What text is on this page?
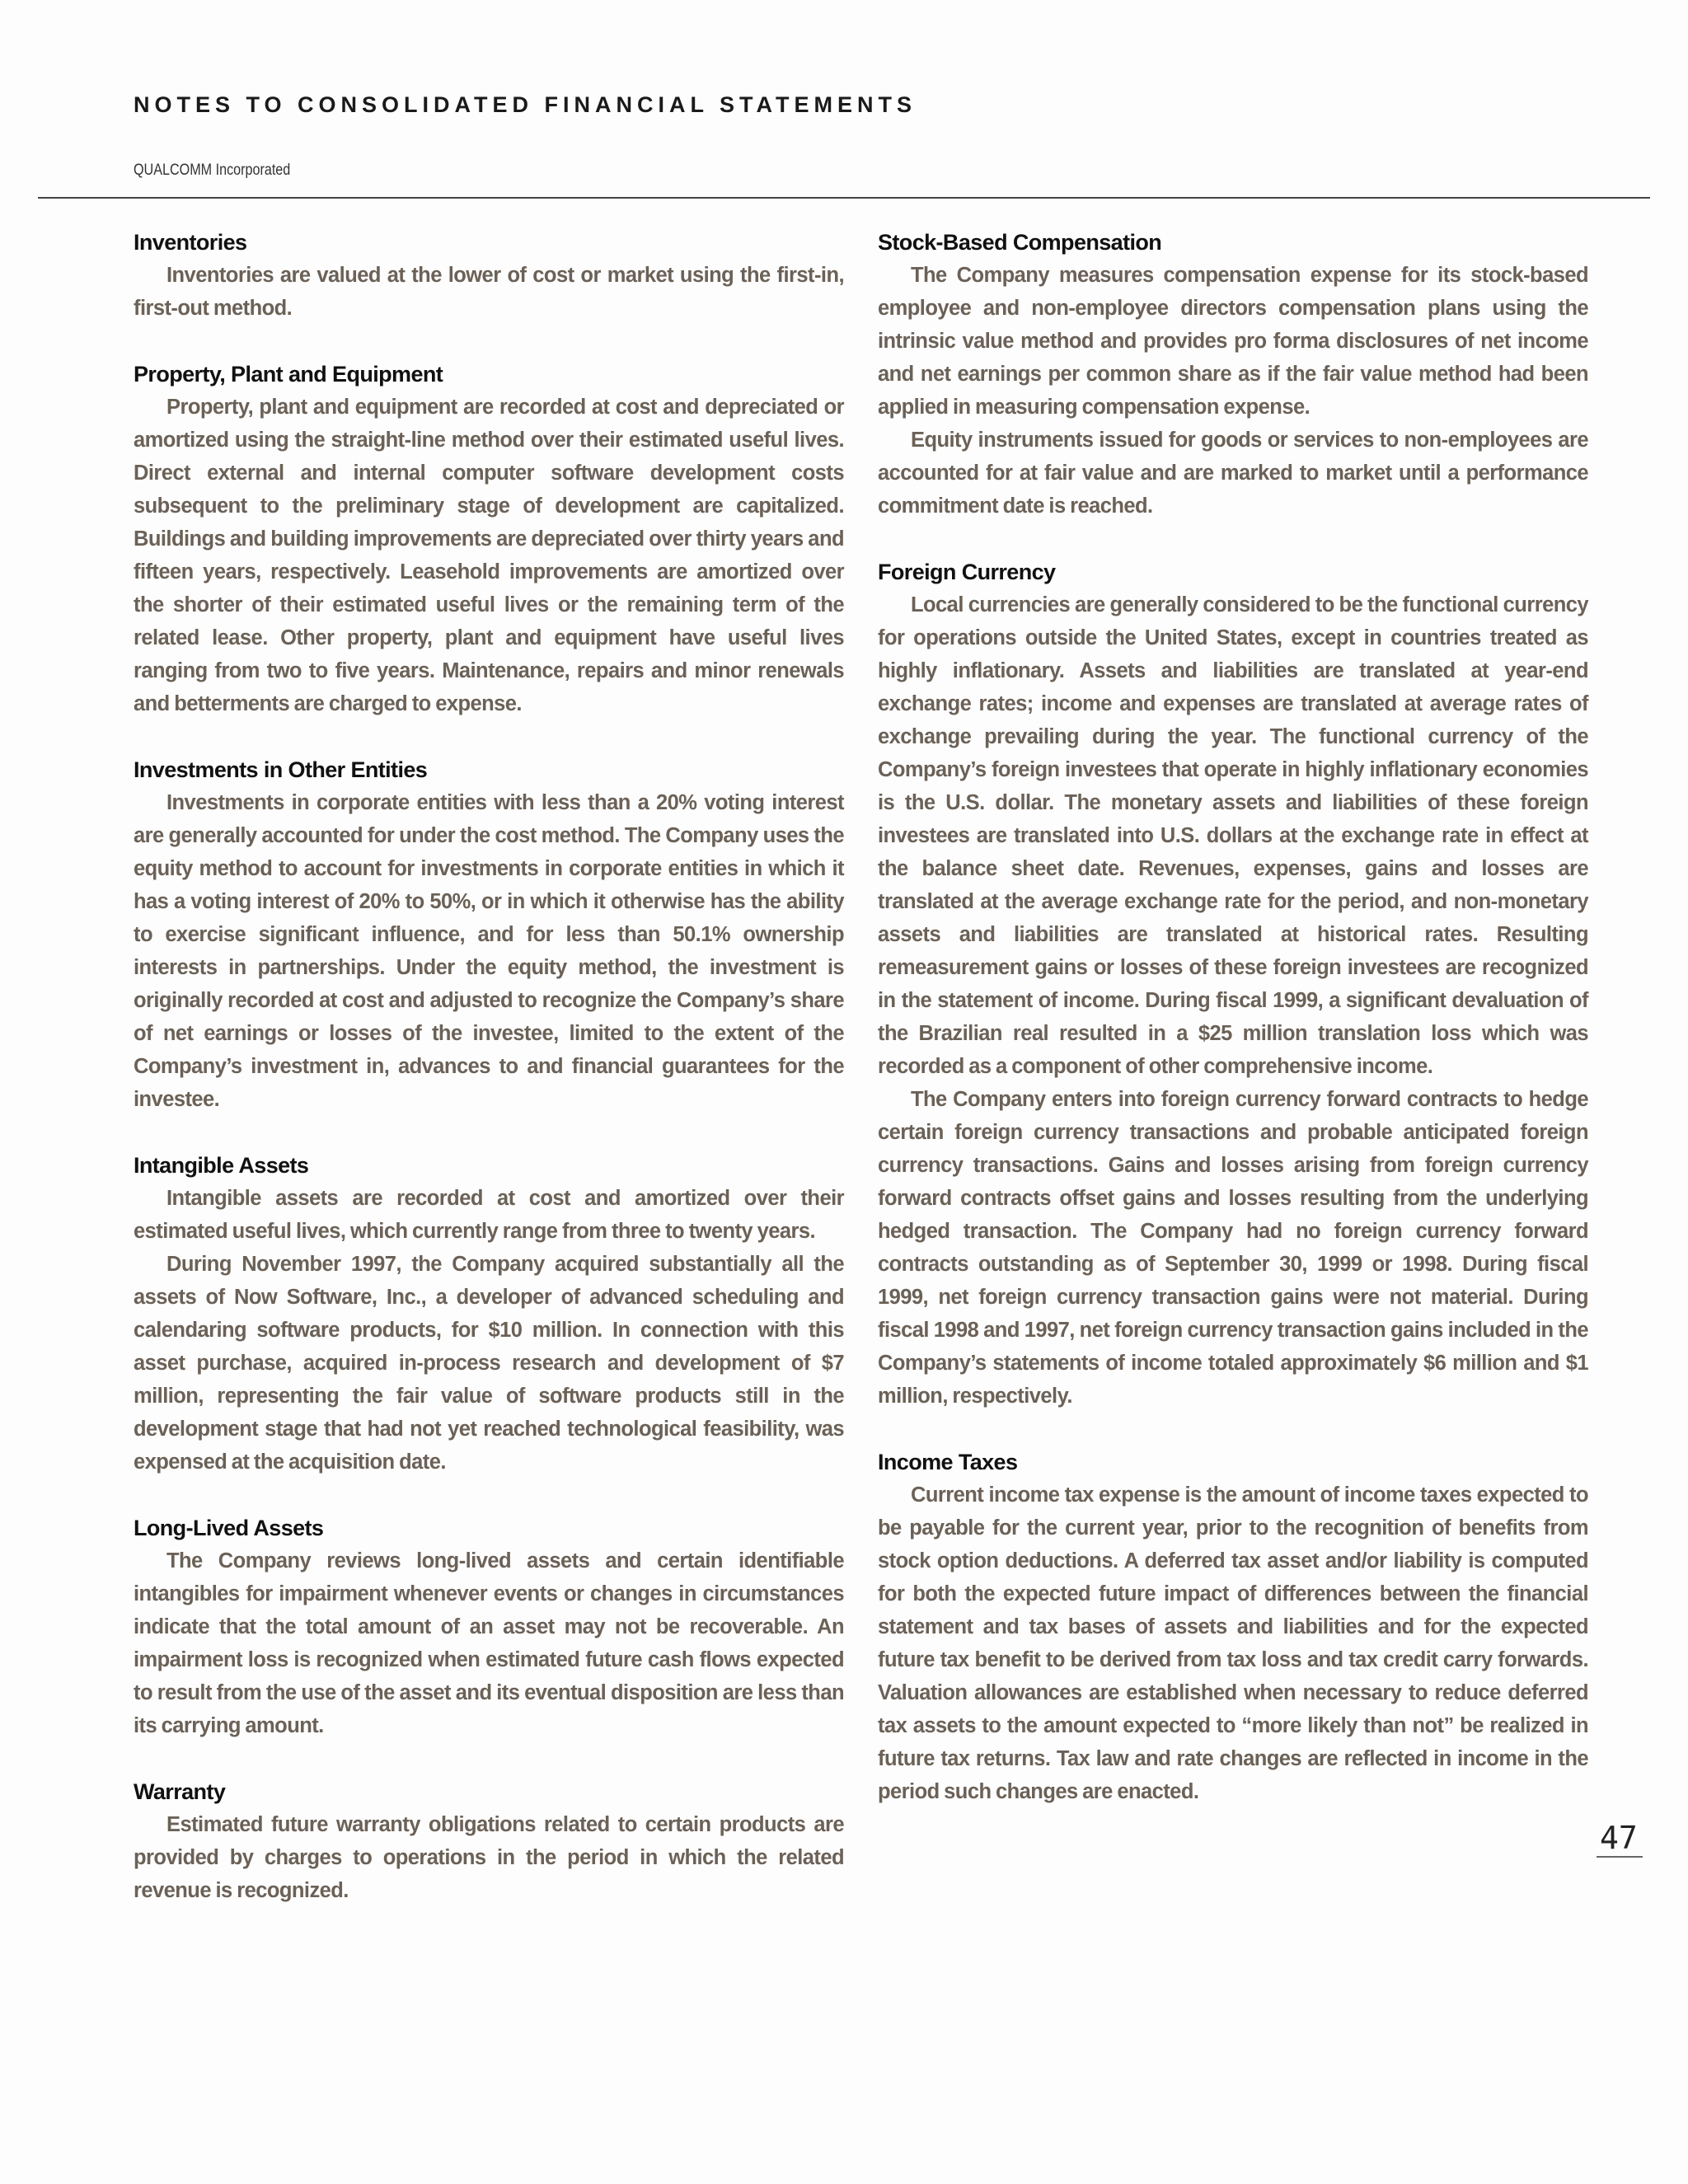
NOTES TO CONSOLIDATED FINANCIAL STATEMENTS
QUALCOMM Incorporated
Inventories

Inventories are valued at the lower of cost or market using the first-in, first-out method.

Property, Plant and Equipment

Property, plant and equipment are recorded at cost and depreciated or amortized using the straight-line method over their estimated useful lives. Direct external and internal computer software development costs subsequent to the preliminary stage of development are capitalized. Buildings and building improvements are depreciated over thirty years and fifteen years, respectively. Leasehold improvements are amortized over the shorter of their estimated useful lives or the remaining term of the related lease. Other property, plant and equipment have useful lives ranging from two to five years. Maintenance, repairs and minor renewals and betterments are charged to expense.

Investments in Other Entities

Investments in corporate entities with less than a 20% voting interest are generally accounted for under the cost method. The Company uses the equity method to account for investments in corporate entities in which it has a voting interest of 20% to 50%, or in which it otherwise has the ability to exercise significant influence, and for less than 50.1% ownership interests in partnerships. Under the equity method, the investment is originally recorded at cost and adjusted to recognize the Company’s share of net earnings or losses of the investee, limited to the extent of the Company’s investment in, advances to and financial guarantees for the investee.

Intangible Assets

Intangible assets are recorded at cost and amortized over their estimated useful lives, which currently range from three to twenty years.

During November 1997, the Company acquired substantially all the assets of Now Software, Inc., a developer of advanced scheduling and calendaring software products, for $10 million. In connection with this asset purchase, acquired in-process research and development of $7 million, representing the fair value of software products still in the development stage that had not yet reached technological feasibility, was expensed at the acquisition date.

Long-Lived Assets

The Company reviews long-lived assets and certain identifiable intangibles for impairment whenever events or changes in circumstances indicate that the total amount of an asset may not be recoverable. An impairment loss is recognized when estimated future cash flows expected to result from the use of the asset and its eventual disposition are less than its carrying amount.

Warranty

Estimated future warranty obligations related to certain products are provided by charges to operations in the period in which the related revenue is recognized.

Stock-Based Compensation

The Company measures compensation expense for its stock-based employee and non-employee directors compensation plans using the intrinsic value method and provides pro forma disclosures of net income and net earnings per common share as if the fair value method had been applied in measuring compensation expense.

Equity instruments issued for goods or services to non-employees are accounted for at fair value and are marked to market until a performance commitment date is reached.

Foreign Currency

Local currencies are generally considered to be the functional currency for operations outside the United States, except in countries treated as highly inflationary. Assets and liabilities are translated at year-end exchange rates; income and expenses are translated at average rates of exchange prevailing during the year. The functional currency of the Company’s foreign investees that operate in highly inflationary economies is the U.S. dollar. The monetary assets and liabilities of these foreign investees are translated into U.S. dollars at the exchange rate in effect at the balance sheet date. Revenues, expenses, gains and losses are translated at the average exchange rate for the period, and non-monetary assets and liabilities are translated at historical rates. Resulting remeasurement gains or losses of these foreign investees are recognized in the statement of income. During fiscal 1999, a significant devaluation of the Brazilian real resulted in a $25 million translation loss which was recorded as a component of other comprehensive income.

The Company enters into foreign currency forward contracts to hedge certain foreign currency transactions and probable anticipated foreign currency transactions. Gains and losses arising from foreign currency forward contracts offset gains and losses resulting from the underlying hedged transaction. The Company had no foreign currency forward contracts outstanding as of September 30, 1999 or 1998. During fiscal 1999, net foreign currency transaction gains were not material. During fiscal 1998 and 1997, net foreign currency transaction gains included in the Company’s statements of income totaled approximately $6 million and $1 million, respectively.

Income Taxes

Current income tax expense is the amount of income taxes expected to be payable for the current year, prior to the recognition of benefits from stock option deductions. A deferred tax asset and/or liability is computed for both the expected future impact of differences between the financial statement and tax bases of assets and liabilities and for the expected future tax benefit to be derived from tax loss and tax credit carry forwards. Valuation allowances are established when necessary to reduce deferred tax assets to the amount expected to “more likely than not” be realized in future tax returns. Tax law and rate changes are reflected in income in the period such changes are enacted.

47
